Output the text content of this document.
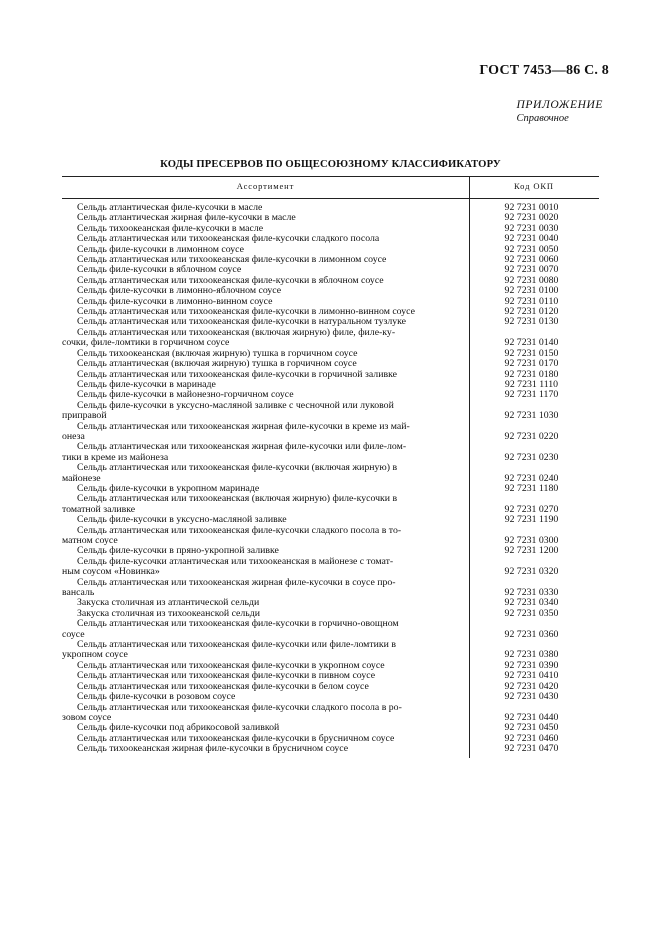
ГОСТ 7453—86 С. 8
ПРИЛОЖЕНИЕ
Справочное
КОДЫ ПРЕСЕРВОВ ПО ОБЩЕСОЮЗНОМУ КЛАССИФИКАТОРУ
Ассортимент	Код ОКП
Сельдь атлантическая филе-кусочки в масле	92 7231 0010
Сельдь атлантическая жирная филе-кусочки в масле	92 7231 0020
Сельдь тихоокеанская филе-кусочки в масле	92 7231 0030
Сельдь атлантическая или тихоокеанская филе-кусочки сладкого посола	92 7231 0040
Сельдь филе-кусочки в лимонном соусе	92 7231 0050
Сельдь атлантическая или тихоокеанская филе-кусочки в лимонном соусе	92 7231 0060
Сельдь филе-кусочки в яблочном соусе	92 7231 0070
Сельдь атлантическая или тихоокеанская филе-кусочки в яблочном соусе	92 7231 0080
Сельдь филе-кусочки в лимонно-яблочном соусе	92 7231 0100
Сельдь филе-кусочки в лимонно-винном соусе	92 7231 0110
Сельдь атлантическая или тихоокеанская филе-кусочки в лимонно-винном соусе	92 7231 0120
Сельдь атлантическая или тихоокеанская филе-кусочки в натуральном тузлуке	92 7231 0130
Сельдь атлантическая или тихоокеанская (включая жирную) филе, филе-ку-
сочки, филе-ломтики в горчичном соусе	92 7231 0140
Сельдь тихоокеанская (включая жирную) тушка в горчичном соусе	92 7231 0150
Сельдь атлантическая (включая жирную) тушка в горчичном соусе	92 7231 0170
Сельдь атлантическая или тихоокеанская филе-кусочки в горчичной заливке	92 7231 0180
Сельдь филе-кусочки в маринаде	92 7231 1110
Сельдь филе-кусочки в майонезно-горчичном соусе	92 7231 1170
Сельдь филе-кусочки в уксусно-масляной заливке с чесночной или луковой
приправой	92 7231 1030
Сельдь атлантическая или тихоокеанская жирная филе-кусочки в креме из май-
онеза	92 7231 0220
Сельдь атлантическая или тихоокеанская жирная филе-кусочки или филе-лом-
тики в креме из майонеза	92 7231 0230
Сельдь атлантическая или тихоокеанская филе-кусочки (включая жирную) в
майонезе	92 7231 0240
Сельдь филе-кусочки в укропном маринаде	92 7231 1180
Сельдь атлантическая или тихоокеанская (включая жирную) филе-кусочки в
томатной заливке	92 7231 0270
Сельдь филе-кусочки в уксусно-масляной заливке	92 7231 1190
Сельдь атлантическая или тихоокеанская филе-кусочки сладкого посола в то-
матном соусе	92 7231 0300
Сельдь филе-кусочки в пряно-укропной заливке	92 7231 1200
Сельдь филе-кусочки атлантическая или тихоокеанская в майонезе с томат-
ным соусом «Новинка»	92 7231 0320
Сельдь атлантическая или тихоокеанская жирная филе-кусочки в соусе про-
вансаль	92 7231 0330
Закуска столичная из атлантической сельди	92 7231 0340
Закуска столичная из тихоокеанской сельди	92 7231 0350
Сельдь атлантическая или тихоокеанская филе-кусочки в горчично-овощном
соусе	92 7231 0360
Сельдь атлантическая или тихоокеанская филе-кусочки или филе-ломтики в
укропном соусе	92 7231 0380
Сельдь атлантическая или тихоокеанская филе-кусочки в укропном соусе	92 7231 0390
Сельдь атлантическая или тихоокеанская филе-кусочки в пивном соусе	92 7231 0410
Сельдь атлантическая или тихоокеанская филе-кусочки в белом соусе	92 7231 0420
Сельдь филе-кусочки в розовом соусе	92 7231 0430
Сельдь атлантическая или тихоокеанская филе-кусочки сладкого посола в ро-
зовом соусе	92 7231 0440
Сельдь филе-кусочки под абрикосовой заливкой	92 7231 0450
Сельдь атлантическая или тихоокеанская филе-кусочки в брусничном соусе	92 7231 0460
Сельдь тихоокеанская жирная филе-кусочки в брусничном соусе	92 7231 0470
